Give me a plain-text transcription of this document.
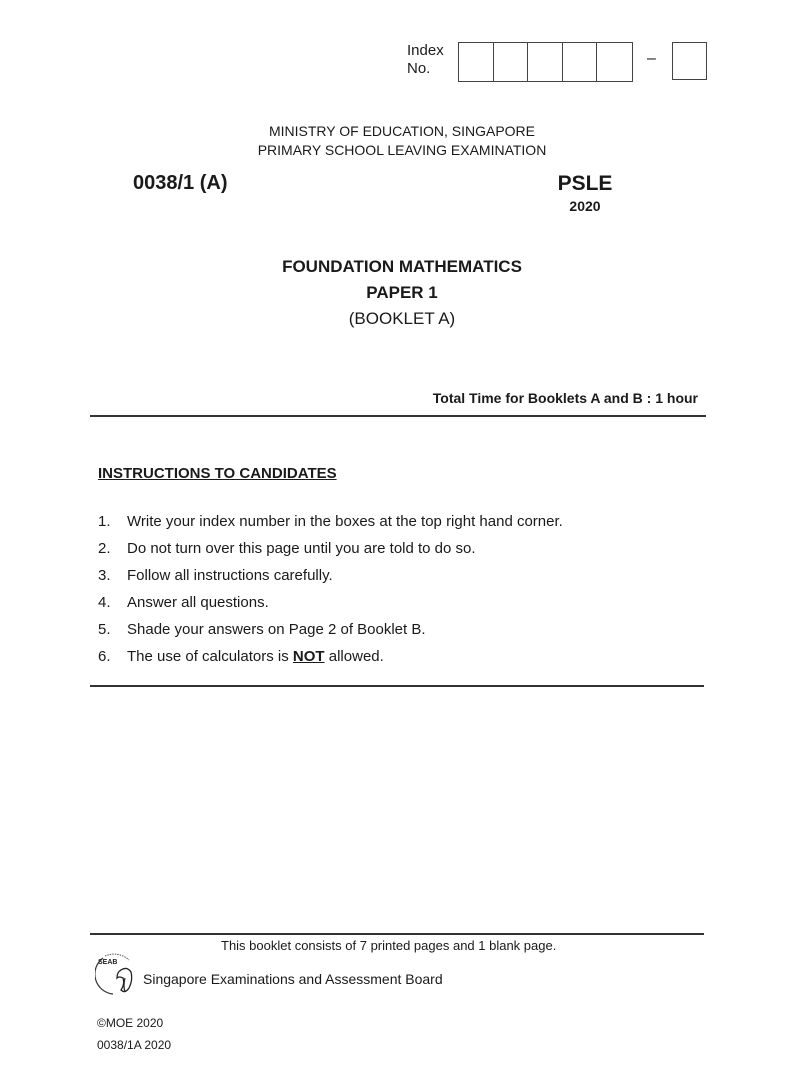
Index
No.
–
MINISTRY OF EDUCATION, SINGAPORE
PRIMARY SCHOOL LEAVING EXAMINATION
0038/1 (A)	PSLE
2020
FOUNDATION MATHEMATICS
PAPER 1
(BOOKLET A)
Total Time for Booklets A and B : 1 hour
INSTRUCTIONS TO CANDIDATES
1.	Write your index number in the boxes at the top right hand corner.
2.	Do not turn over this page until you are told to do so.
3.	Follow all instructions carefully.
4.	Answer all questions.
5.	Shade your answers on Page 2 of Booklet B.
6.	The use of calculators is NOT allowed.
This booklet consists of 7 printed pages and 1 blank page.
SEAB
Singapore Examinations and Assessment Board
©MOE 2020
0038/1A 2020
